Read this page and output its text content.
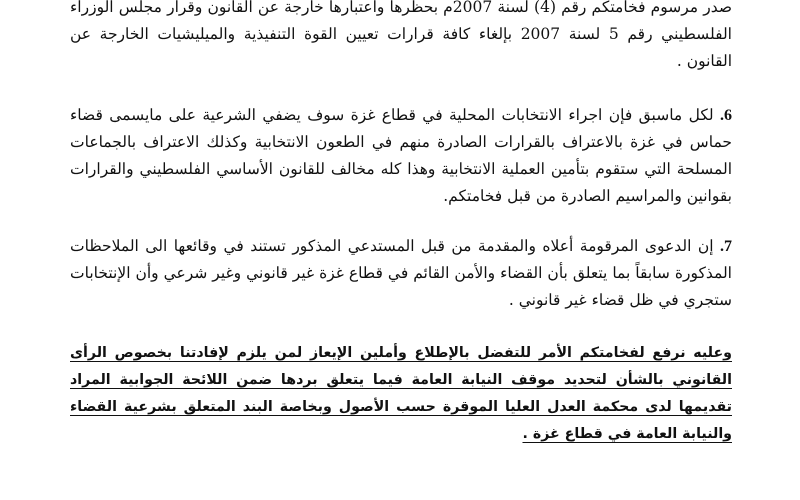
صدر مرسوم فخامتكم رقم (4) لسنة 2007م بحظرها واعتبارها خارجة عن القانون وقرار مجلس الوزراء الفلسطيني رقم 5 لسنة 2007 بإلغاء كافة قرارات تعيين القوة التنفيذية والميليشيات الخارجة عن القانون .

6. لكل ماسبق فإن اجراء الانتخابات المحلية في قطاع غزة سوف يضفي الشرعية على مايسمى قضاء حماس في غزة بالاعتراف بالقرارات الصادرة منهم في الطعون الانتخابية وكذلك الاعتراف بالجماعات المسلحة التي ستقوم بتأمين العملية الانتخابية وهذا كله مخالف للقانون الأساسي الفلسطيني والقرارات بقوانين والمراسيم الصادرة من قبل فخامتكم.

7. إن الدعوى المرقومة أعلاه والمقدمة من قبل المستدعي المذكور تستند في وقائعها الى الملاحظات المذكورة سابقاً بما يتعلق بأن القضاء والأمن القائم في قطاع غزة غير قانوني وغير شرعي وأن الإنتخابات ستجري في ظل قضاء غير قانوني .

وعليه نرفع لفخامتكم الأمر للتفضل بالإطلاع وأملين الإيعاز لمن يلزم لإفادتنا بخصوص الرأى القانوني بالشأن لتحديد موقف النيابة العامة فيما يتعلق بردها ضمن اللائحة الجوابية المراد تقديمها لدى محكمة العدل العليا الموقرة حسب الأصول وبخاصة البند المتعلق بشرعية القضاء والنيابة العامة في قطاع غزة .
